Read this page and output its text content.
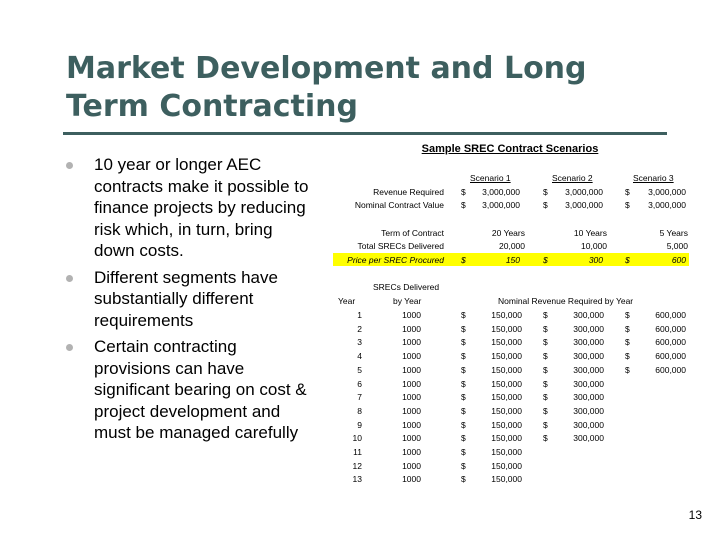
Market Development and Long
Term Contracting
10 year or longer AEC contracts make it possible to finance projects by reducing risk which, in turn, bring down costs.
Different segments have substantially different requirements
Certain contracting provisions can have significant bearing on cost & project development and must be managed carefully
Sample SREC Contract Scenarios
Scenario 1	Scenario 2	Scenario 3
Revenue Required $	3,000,000	$	3,000,000	$	3,000,000
Nominal Contract Value $	3,000,000	$	3,000,000	$	3,000,000
Term of Contract	20 Years	10 Years	5 Years
Total SRECs Delivered	20,000	10,000	5,000
Price per SREC Procured $	150	$	300	$	600
SRECs Delivered
Year	by Year	Nominal Revenue Required by Year
1	1000	$	150,000 $	300,000 $	600,000
2	1000	$	150,000 $	300,000 $	600,000
3	1000	$	150,000 $	300,000 $	600,000
4	1000	$	150,000 $	300,000 $	600,000
5	1000	$	150,000 $	300,000 $	600,000
6	1000	$	150,000 $	300,000
7	1000	$	150,000 $	300,000
8	1000	$	150,000 $	300,000
9	1000	$	150,000 $	300,000
10	1000	$	150,000 $	300,000
11	1000	$	150,000
12	1000	$	150,000
13	1000	$	150,000
13
